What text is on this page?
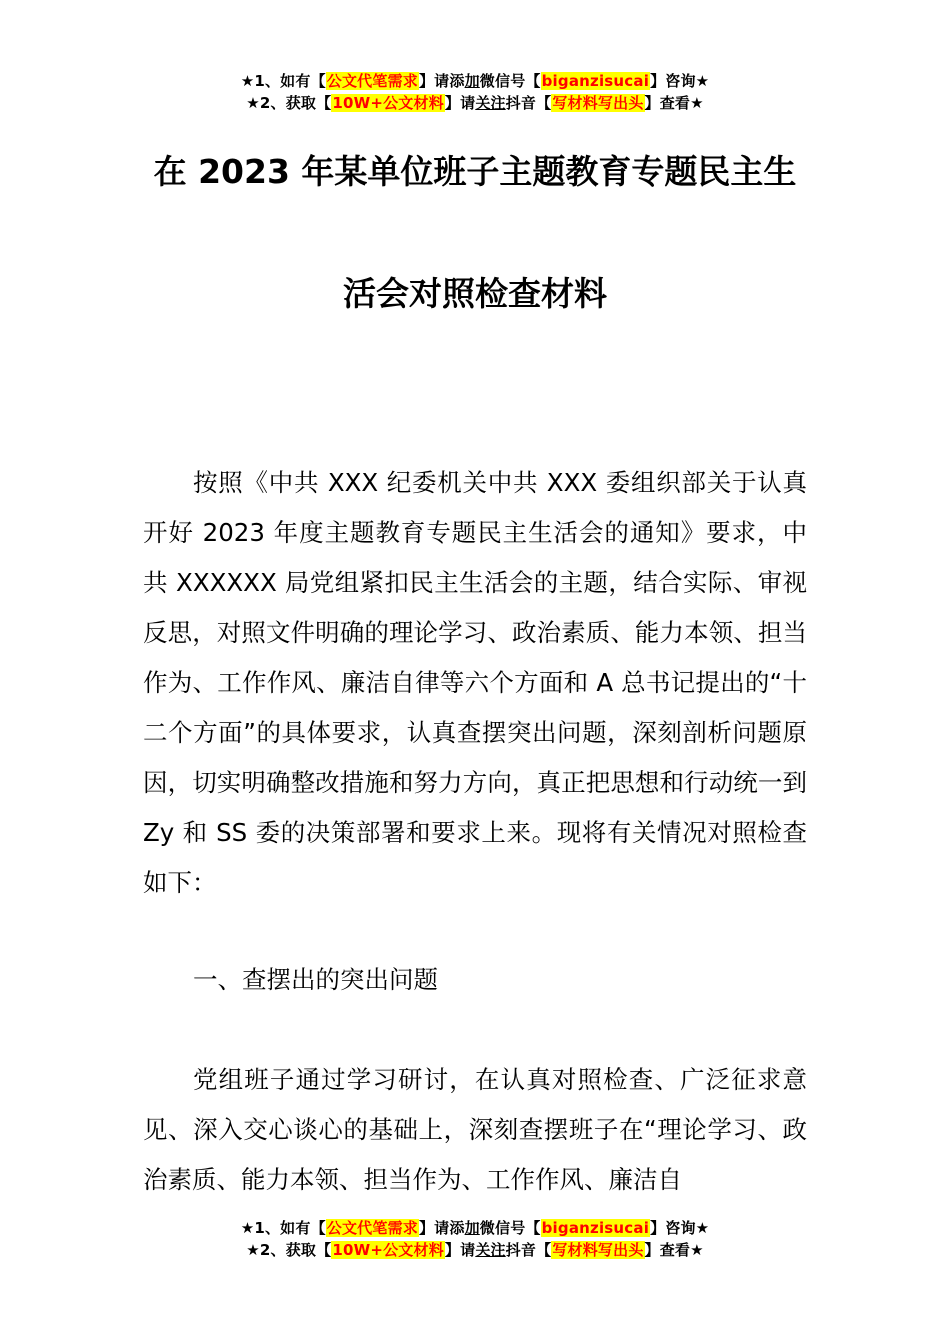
★1、如有【公文代笔需求】请添加微信号【biganzisucai】咨询★
★2、获取【10W+公文材料】请关注抖音【写材料写出头】查看★
在 2023 年某单位班子主题教育专题民主生
活会对照检查材料
按照《中共 XXX 纪委机关中共 XXX 委组织部关于认真开好 2023 年度主题教育专题民主生活会的通知》要求，中共 XXXXXX 局党组紧扣民主生活会的主题，结合实际、审视反思，对照文件明确的理论学习、政治素质、能力本领、担当作为、工作作风、廉洁自律等六个方面和 A 总书记提出的“十二个方面”的具体要求，认真查摆突出问题，深刻剖析问题原因，切实明确整改措施和努力方向，真正把思想和行动统一到 Zy 和 SS 委的决策部署和要求上来。现将有关情况对照检查如下：
一、查摆出的突出问题
党组班子通过学习研讨，在认真对照检查、广泛征求意见、深入交心谈心的基础上，深刻查摆班子在“理论学习、政治素质、能力本领、担当作为、工作作风、廉洁自
★1、如有【公文代笔需求】请添加微信号【biganzisucai】咨询★
★2、获取【10W+公文材料】请关注抖音【写材料写出头】查看★
